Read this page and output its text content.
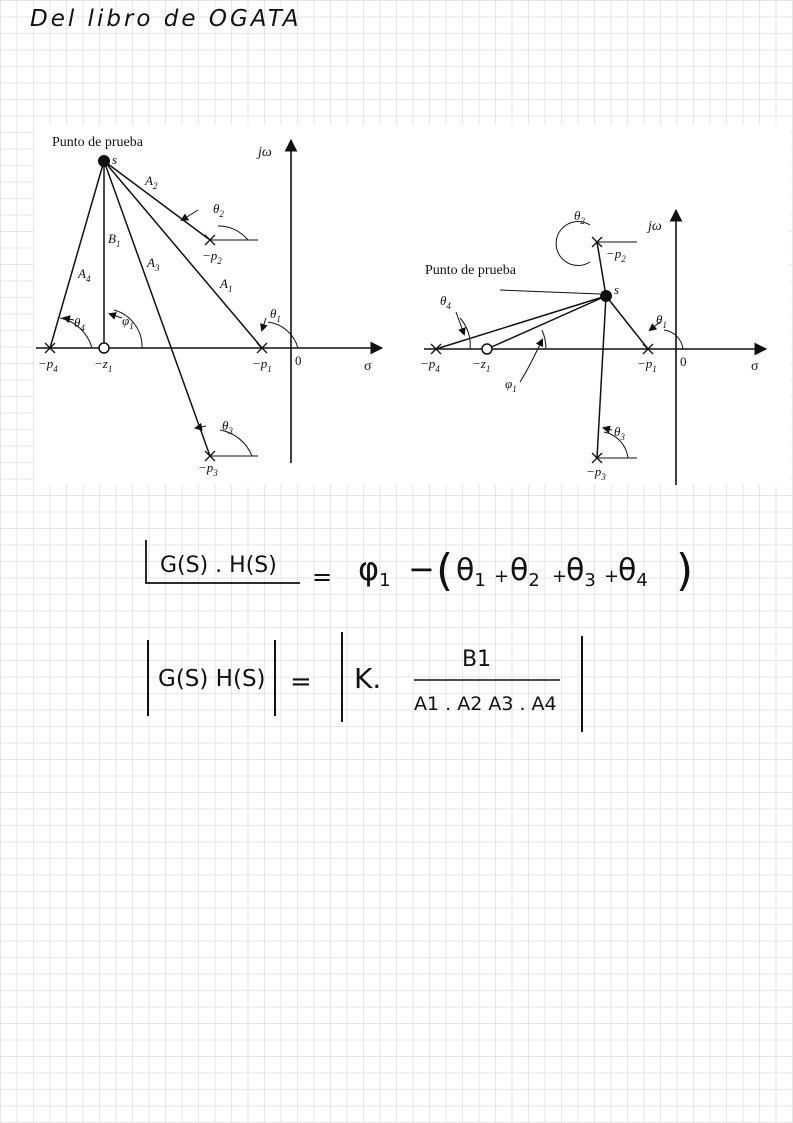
Del libro de OGATA
Punto de prueba
s	jω
σ
0
$A_2$
$B_1$
$A_3$
$A_4$	$A_1$
$\theta_2$
$\theta_1$
$\theta_4$	$\varphi_1$
$\theta_3$
$-p_1$
$-p_2$
$-p_3$
$-p_4$	$-z_1$
Punto de prueba
s
jω
σ
0
$\theta_2$
$\theta_4$
$\theta_1$
$\varphi_1$
$\theta_3$
$-p_1$
$-p_2$
$-p_3$
$-p_4 -z_1$
G(S) . H(S) = φ1 − ( $\theta_1 + \theta_2$ +
$\theta_3$ +
$\theta_4$ )
G(S) H(S) = K.
B1
A1 . A2 A3 . A4
